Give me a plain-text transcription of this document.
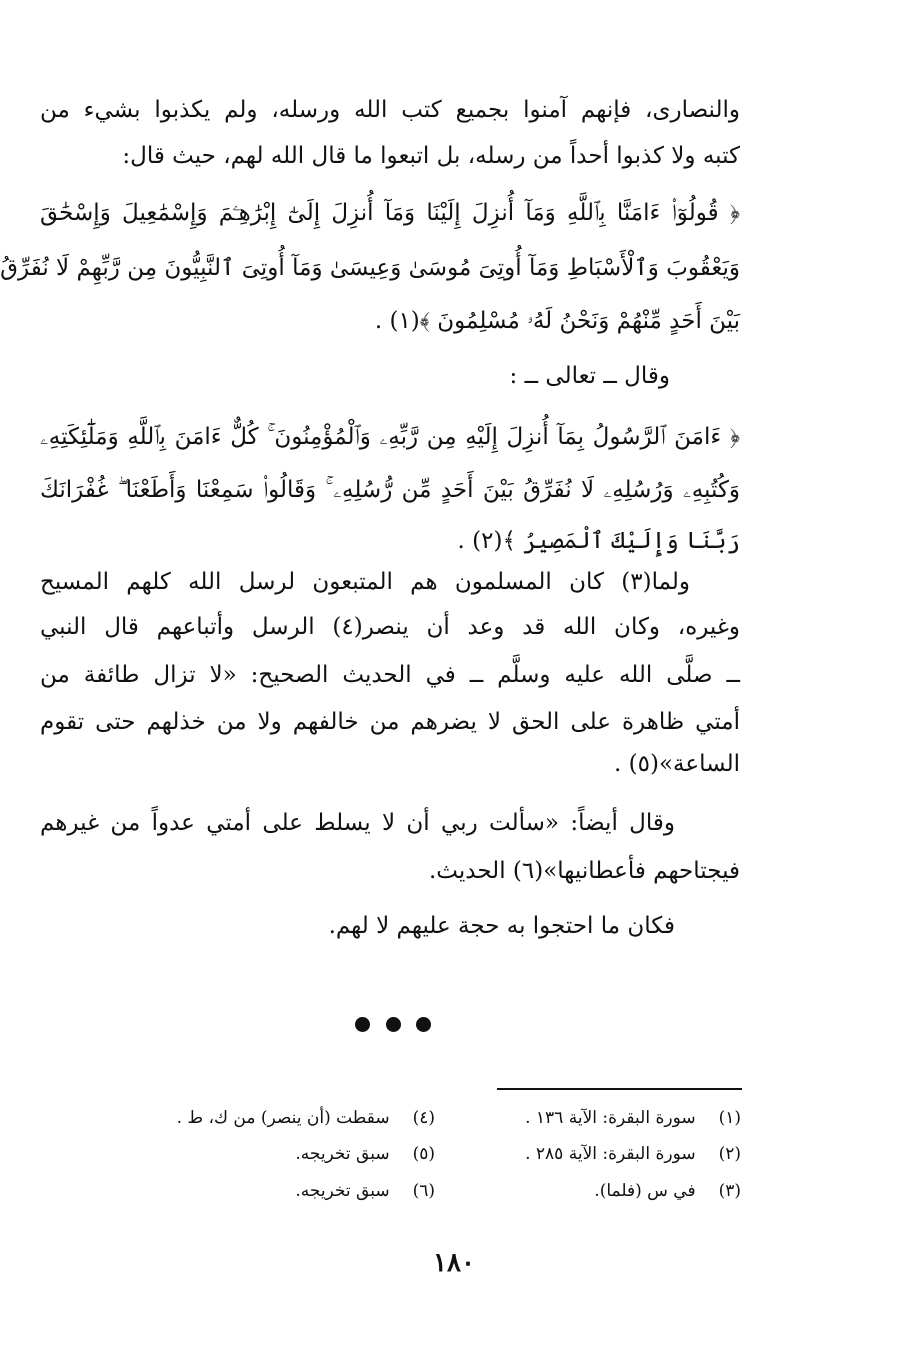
والنصارى، فإنهم آمنوا بجميع كتب الله ورسله، ولم يكذبوا بشيء من

كتبه ولا كذبوا أحداً من رسله، بل اتبعوا ما قال الله لهم، حيث قال:

﴿ قُولُوٓا۟ ءَامَنَّا بِٱللَّهِ وَمَآ أُنزِلَ إِلَيْنَا وَمَآ أُنزِلَ إِلَىٰٓ إِبْرَٰهِـۧمَ وَإِسْمَٰعِيلَ وَإِسْحَٰقَ

وَيَعْقُوبَ وَٱلْأَسْبَاطِ وَمَآ أُوتِىَ مُوسَىٰ وَعِيسَىٰ وَمَآ أُوتِىَ ٱلنَّبِيُّونَ مِن رَّبِّهِمْ لَا نُفَرِّقُ

بَيْنَ أَحَدٍ مِّنْهُمْ وَنَحْنُ لَهُۥ مُسْلِمُونَ ﴾(١) .

وقال ــ تعالى ــ :

﴿ ءَامَنَ ٱلرَّسُولُ بِمَآ أُنزِلَ إِلَيْهِ مِن رَّبِّهِۦ وَٱلْمُؤْمِنُونَ ۚ كُلٌّ ءَامَنَ بِٱللَّهِ وَمَلَٰٓئِكَتِهِۦ

وَكُتُبِهِۦ وَرُسُلِهِۦ لَا نُفَرِّقُ بَيْنَ أَحَدٍ مِّن رُّسُلِهِۦ ۚ وَقَالُوا۟ سَمِعْنَا وَأَطَعْنَا ۖ غُفْرَانَكَ

رَبَّنَا وَإِلَيْكَ ٱلْمَصِيرُ ﴾(٢) .

ولما(٣) كان المسلمون هم المتبعون لرسل الله كلهم المسيح

وغيره، وكان الله قد وعد أن ينصر(٤) الرسل وأتباعهم قال النبي

ــ صلَّى الله عليه وسلَّم ــ في الحديث الصحيح: «لا تزال طائفة من

أمتي ظاهرة على الحق لا يضرهم من خالفهم ولا من خذلهم حتى تقوم

الساعة»(٥) .

وقال أيضاً: «سألت ربي أن لا يسلط على أمتي عدواً من غيرهم

فيجتاحهم فأعطانيها»(٦) الحديث.

فكان ما احتجوا به حجة عليهم لا لهم.

(١) سورة البقرة: الآية ١٣٦ .
(٢) سورة البقرة: الآية ٢٨٥ .
(٣) في س (فلما).
(٤) سقطت (أن ينصر) من ك، ط .
(٥) سبق تخريجه.
(٦) سبق تخريجه.
١٨٠
